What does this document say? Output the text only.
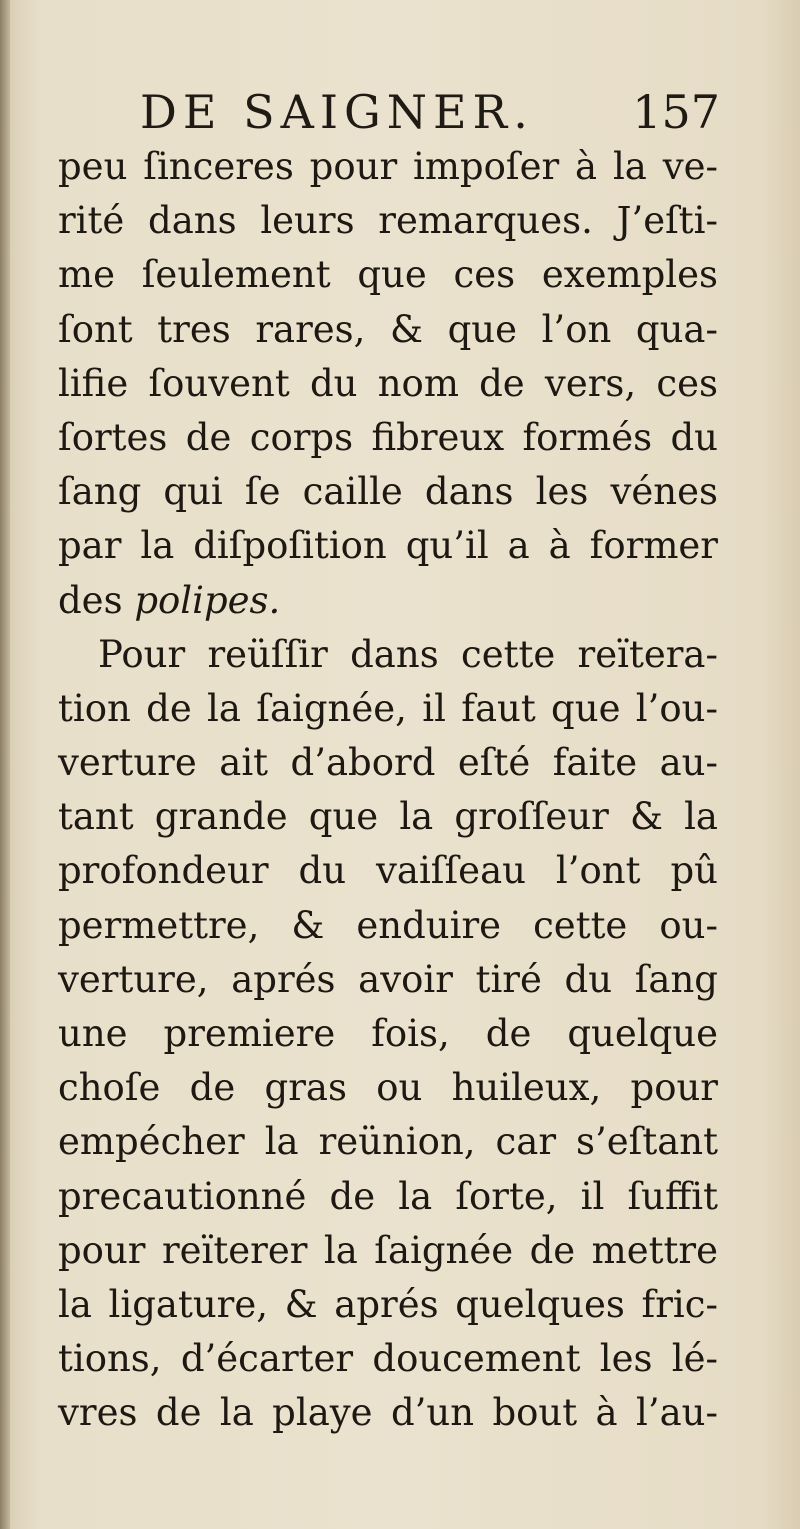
DE SAIGNER. 157
peu ſinceres pour impoſer à la ve-
rité dans leurs remarques. J’eſti-
me ſeulement que ces exemples
ſont tres rares, & que l’on qua-
lifie ſouvent du nom de vers, ces
ſortes de corps fibreux formés du
ſang qui ſe caille dans les vénes
par la diſpoſition qu’il a à former
des polipes.
Pour reüſſir dans cette reïtera-
tion de la ſaignée, il faut que l’ou-
verture ait d’abord eſté faite au-
tant grande que la groſſeur & la
profondeur du vaiſſeau l’ont pû
permettre, & enduire cette ou-
verture, aprés avoir tiré du ſang
une premiere fois, de quelque
choſe de gras ou huileux, pour
empécher la reünion, car s’eſtant
precautionné de la ſorte, il ſuffit
pour reïterer la ſaignée de mettre
la ligature, & aprés quelques fric-
tions, d’écarter doucement les lé-
vres de la playe d’un bout à l’au-
